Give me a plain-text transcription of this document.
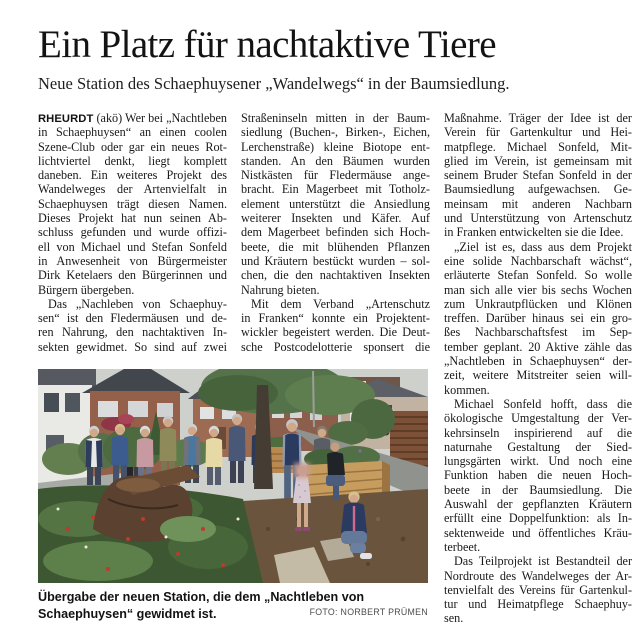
Ein Platz für nachtaktive Tiere
Neue Station des Schaephuysener „Wandelwegs“ in der Baumsiedlung.
RHEURDT (akö) Wer bei „Nachtleben
in Schaephuysen“ an einen coolen
Szene-Club oder gar ein neues Rot-
lichtviertel denkt, liegt komplett
daneben. Ein weiteres Projekt des
Wandelweges der Artenvielfalt in
Schaephuysen trägt diesen Namen.
Dieses Projekt hat nun seinen Ab-
schluss gefunden und wurde offizi-
ell von Michael und Stefan Sonfeld
in Anwesenheit von Bürgermeister
Dirk Ketelaers den Bürgerinnen und
Bürgern übergeben.
Das „Nachleben von Schaephuy-
sen“ ist den Fledermäusen und de-
ren Nahrung, den nachtaktiven In-
sekten gewidmet. So sind auf zwei
Straßeninseln mitten in der Baum-
siedlung (Buchen-, Birken-, Eichen,
Lerchenstraße) kleine Biotope ent-
standen. An den Bäumen wurden
Nistkästen für Fledermäuse ange-
bracht. Ein Magerbeet mit Totholz-
element unterstützt die Ansiedlung
weiterer Insekten und Käfer. Auf
dem Magerbeet befinden sich Hoch-
beete, die mit blühenden Pflanzen
und Kräutern bestückt wurden – sol-
chen, die den nachtaktiven Insekten
Nahrung bieten.
Mit dem Verband „Artenschutz
in Franken“ konnte ein Projektent-
wickler begeistert werden. Die Deut-
sche Postcodelotterie sponsert die
Maßnahme. Träger der Idee ist der
Verein für Gartenkultur und Hei-
matpflege. Michael Sonfeld, Mit-
glied im Verein, ist gemeinsam mit
seinem Bruder Stefan Sonfeld in der
Baumsiedlung aufgewachsen. Ge-
meinsam mit anderen Nachbarn
und Unterstützung von Artenschutz
in Franken entwickelten sie die Idee.
„Ziel ist es, dass aus dem Projekt
eine solide Nachbarschaft wächst“,
erläuterte Stefan Sonfeld. So wolle
man sich alle vier bis sechs Wochen
zum Unkrautpflücken und Klönen
treffen. Darüber hinaus sei ein gro-
ßes Nachbarschaftsfest im Sep-
tember geplant. 20 Aktive zähle das
„Nachtleben in Schaephuysen“ der-
zeit, weitere Mitstreiter seien will-
kommen.
Michael Sonfeld hofft, dass die
ökologische Umgestaltung der Ver-
kehrsinseln inspirierend auf die
naturnahe Gestaltung der Sied-
lungsgärten wirkt. Und noch eine
Funktion haben die neuen Hoch-
beete in der Baumsiedlung. Die
Auswahl der gepflanzten Kräutern
erfüllt eine Doppelfunktion: als In-
sektenweide und öffentliches Kräu-
terbeet.
Das Teilprojekt ist Bestandteil der
Nordroute des Wandelweges der Ar-
tenvielfalt des Vereins für Gartenkul-
tur und Heimatpflege Schaephuy-
sen.
Übergabe der neuen Station, die dem „Nachtleben von Schaephuysen“ gewidmet ist.	FOTO: NORBERT PRÜMEN
